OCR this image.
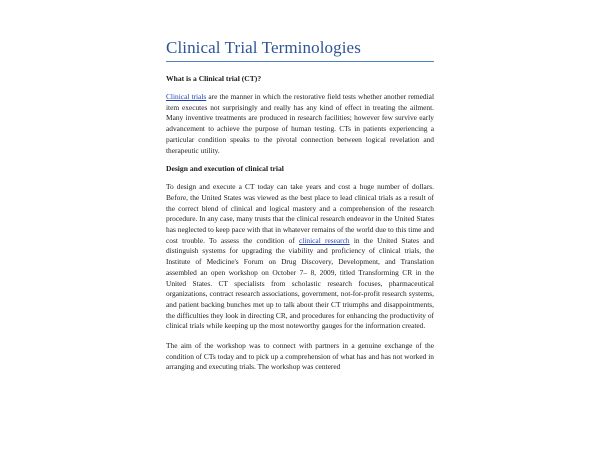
Clinical Trial Terminologies

What is a Clinical trial (CT)?

Clinical trials are the manner in which the restorative field tests whether another remedial item executes not surprisingly and really has any kind of effect in treating the ailment. Many inventive treatments are produced in research facilities; however few survive early advancement to achieve the purpose of human testing. CTs in patients experiencing a particular condition speaks to the pivotal connection between logical revelation and therapeutic utility.

Design and execution of clinical trial

To design and execute a CT today can take years and cost a huge number of dollars. Before, the United States was viewed as the best place to lead clinical trials as a result of the correct blend of clinical and logical mastery and a comprehension of the research procedure. In any case, many trusts that the clinical research endeavor in the United States has neglected to keep pace with that in whatever remains of the world due to this time and cost trouble. To assess the condition of clinical research in the United States and distinguish systems for upgrading the viability and proficiency of clinical trials, the Institute of Medicine's Forum on Drug Discovery, Development, and Translation assembled an open workshop on October 7– 8, 2009, titled Transforming CR in the United States. CT specialists from scholastic research focuses, pharmaceutical organizations, contract research associations, government, not-for-profit research systems, and patient backing bunches met up to talk about their CT triumphs and disappointments, the difficulties they look in directing CR, and procedures for enhancing the productivity of clinical trials while keeping up the most noteworthy gauges for the information created.

The aim of the workshop was to connect with partners in a genuine exchange of the condition of CTs today and to pick up a comprehension of what has and has not worked in arranging and executing trials. The workshop was centered
